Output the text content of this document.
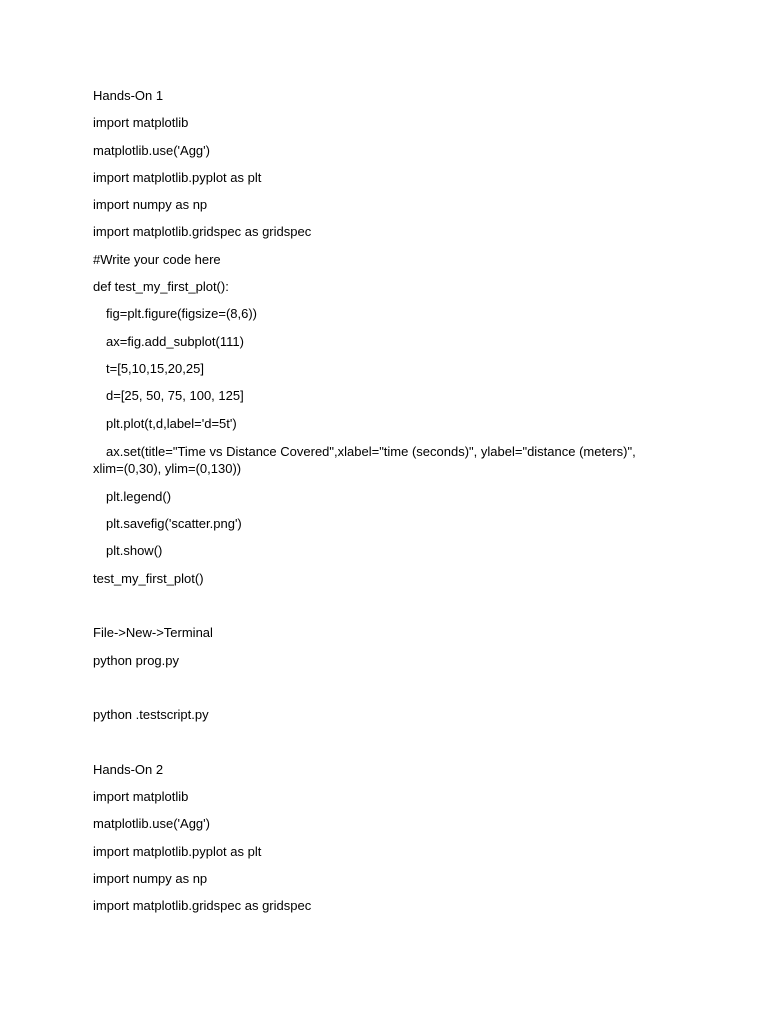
Hands-On 1
import matplotlib
matplotlib.use('Agg')
import matplotlib.pyplot as plt
import numpy as np
import matplotlib.gridspec as gridspec
#Write your code here
def test_my_first_plot():
fig=plt.figure(figsize=(8,6))
ax=fig.add_subplot(111)
t=[5,10,15,20,25]
d=[25, 50, 75, 100, 125]
plt.plot(t,d,label='d=5t')
ax.set(title="Time vs Distance Covered",xlabel="time (seconds)", ylabel="distance (meters)",
xlim=(0,30), ylim=(0,130))
plt.legend()
plt.savefig('scatter.png')
plt.show()
test_my_first_plot()
File->New->Terminal
python prog.py
python .testscript.py
Hands-On 2
import matplotlib
matplotlib.use('Agg')
import matplotlib.pyplot as plt
import numpy as np
import matplotlib.gridspec as gridspec
